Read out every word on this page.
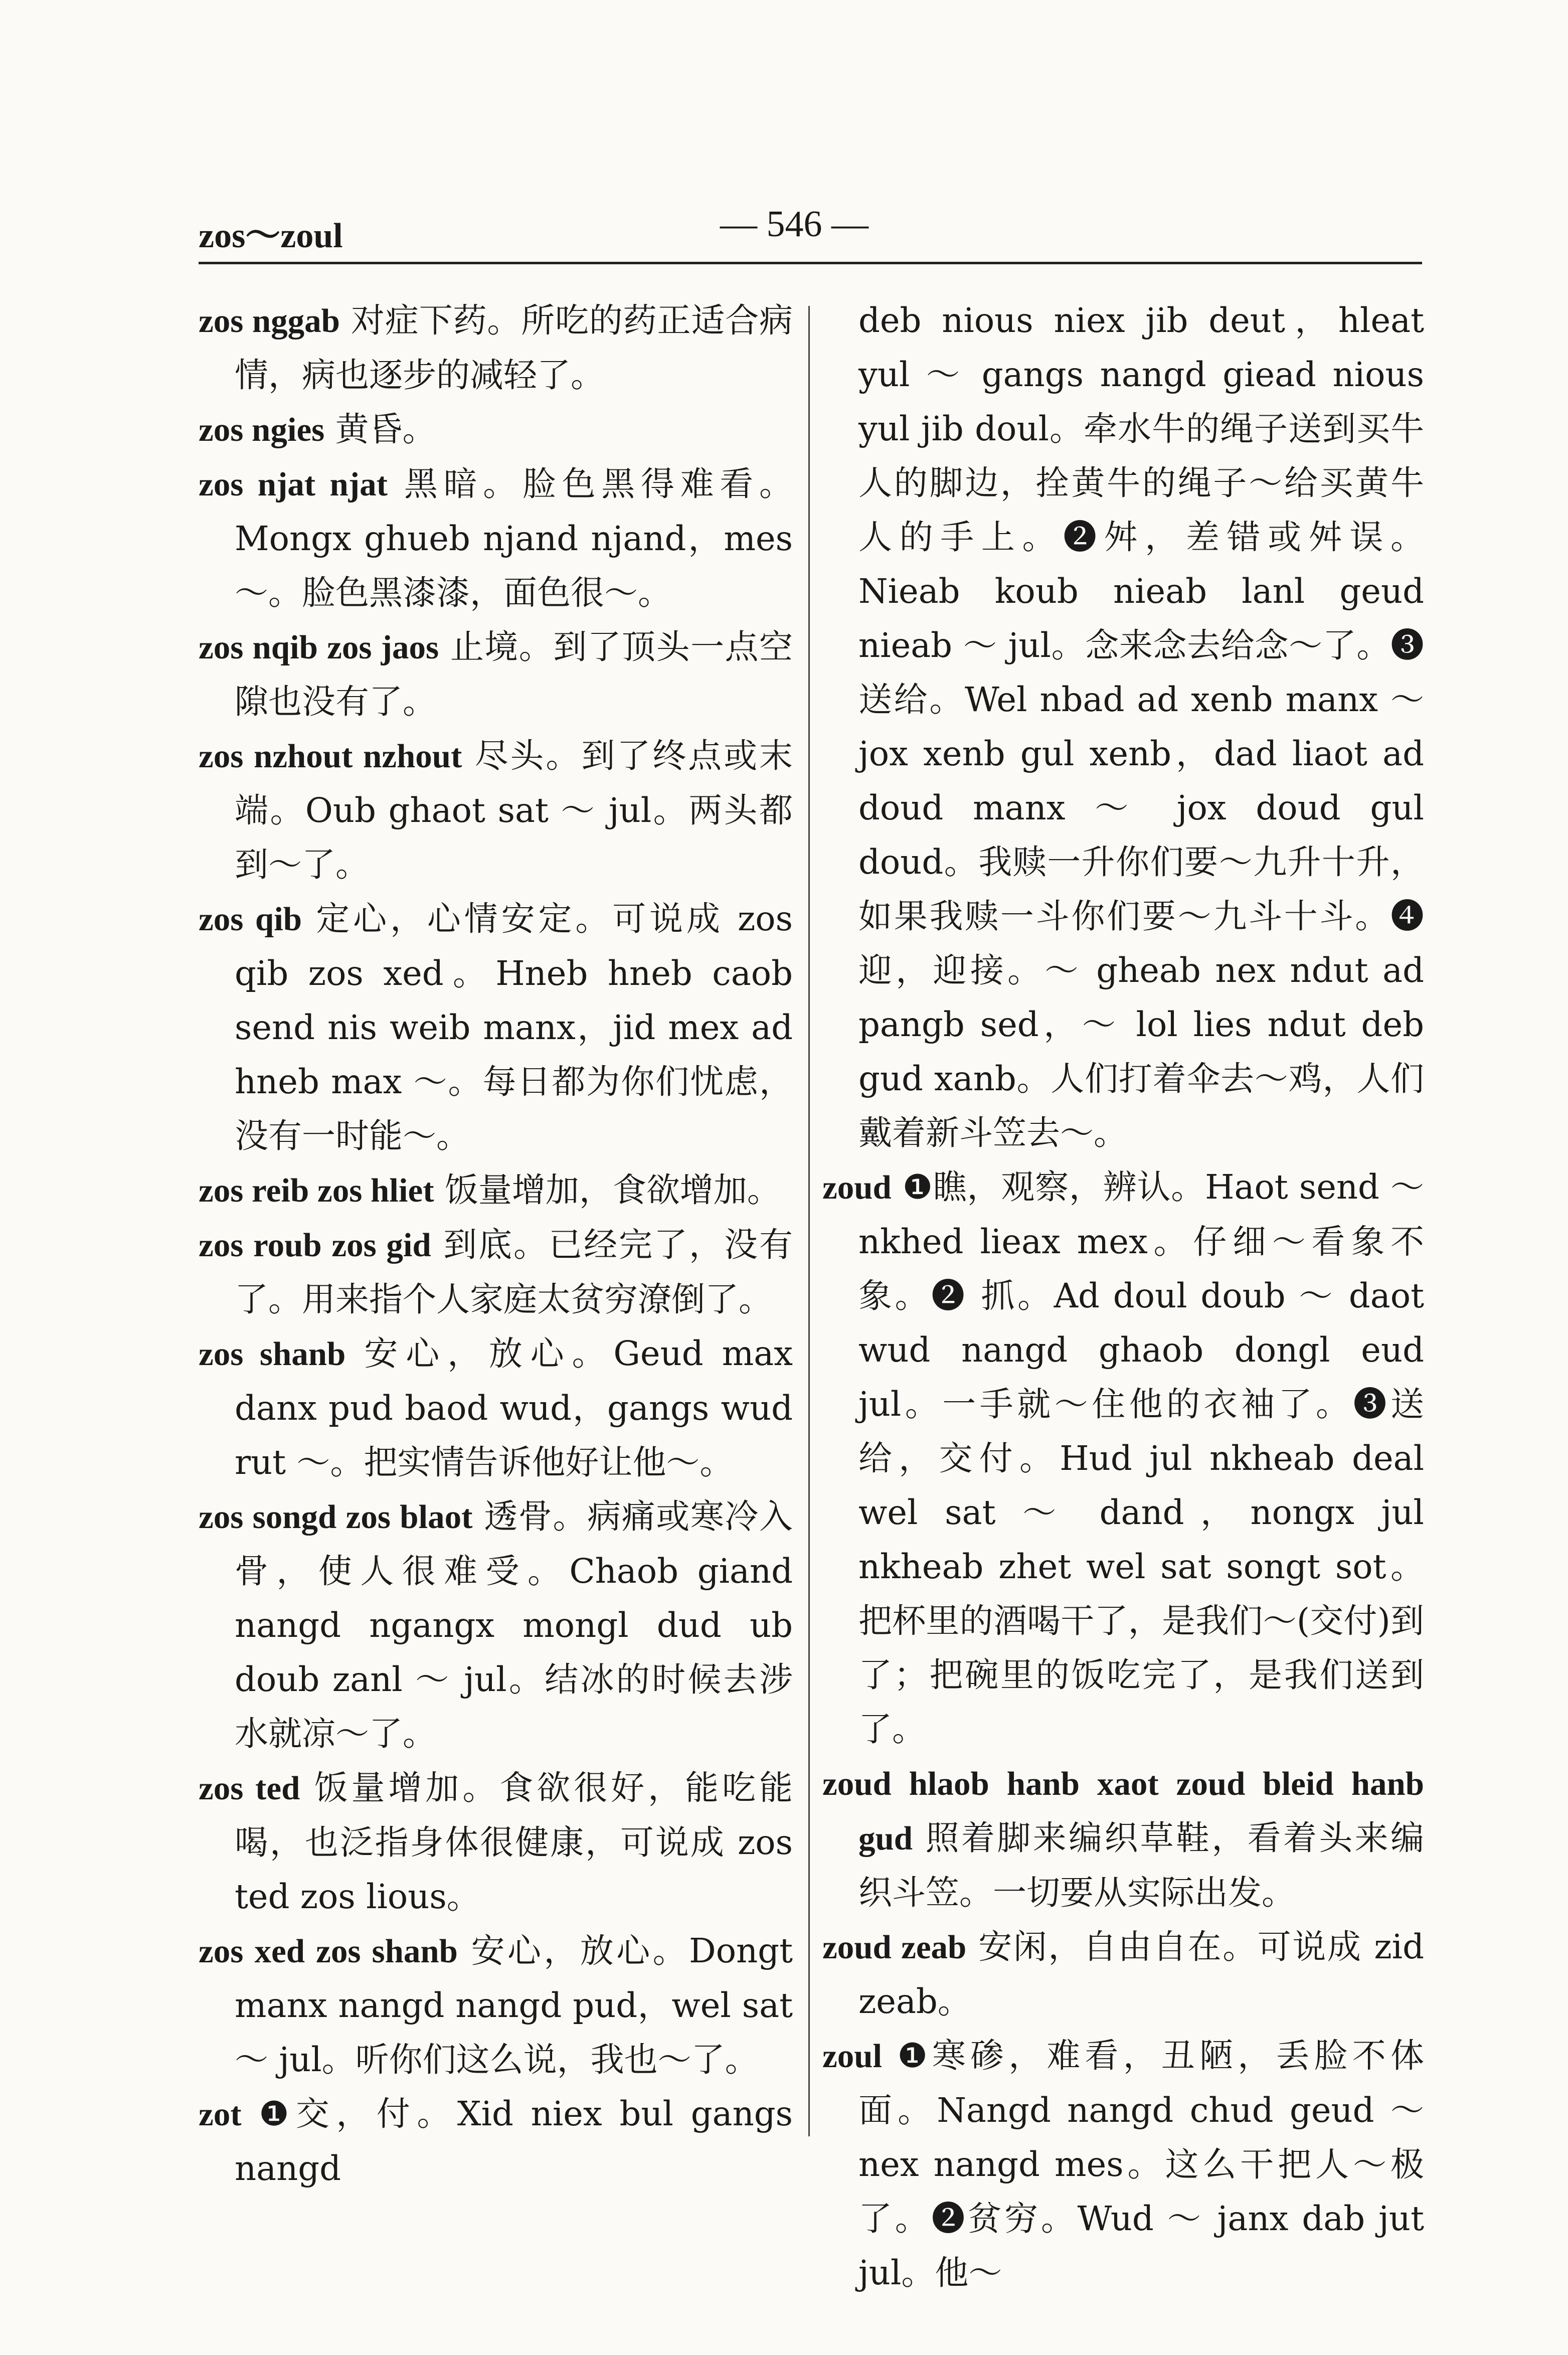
zos～zoul	— 546 —

zos nggab 对症下药。所吃的药正适合病情，病也逐步的减轻了。

zos ngies 黄昏。

zos njat njat 黑暗。脸色黑得难看。Mongx ghueb njand njand，mes ～。脸色黑漆漆，面色很～。

zos nqib zos jaos 止境。到了顶头一点空隙也没有了。

zos nzhout nzhout 尽头。到了终点或末端。Oub ghaot sat ～ jul。两头都到～了。

zos qib 定心，心情安定。可说成 zos qib zos xed。Hneb hneb caob send nis weib manx，jid mex ad hneb max ～。每日都为你们忧虑，没有一时能～。

zos reib zos hliet 饭量增加，食欲增加。

zos roub zos gid 到底。已经完了，没有了。用来指个人家庭太贫穷潦倒了。

zos shanb 安心，放心。Geud max danx pud baod wud，gangs wud rut ～。把实情告诉他好让他～。

zos songd zos blaot 透骨。病痛或寒冷入骨，使人很难受。Chaob giand nangd ngangx mongl dud ub doub zanl ～ jul。结冰的时候去涉水就凉～了。

zos ted 饭量增加。食欲很好，能吃能喝，也泛指身体很健康，可说成 zos ted zos lious。

zos xed zos shanb 安心，放心。Dongt manx nangd nangd pud，wel sat ～ jul。听你们这么说，我也～了。

zot ❶交，付。Xid niex bul gangs nangd

deb nious niex jib deut，hleat yul ～ gangs nangd giead nious yul jib doul。牵水牛的绳子送到买牛人的脚边，拴黄牛的绳子～给买黄牛人的手上。❷舛，差错或舛误。Nieab koub nieab lanl geud nieab ～ jul。念来念去给念～了。❸送给。Wel nbad ad xenb manx ～ jox xenb gul xenb，dad liaot ad doud manx ～ jox doud gul doud。我赎一升你们要～九升十升，如果我赎一斗你们要～九斗十斗。❹迎，迎接。～ gheab nex ndut ad pangb sed，～ lol lies ndut deb gud xanb。人们打着伞去～鸡，人们戴着新斗笠去～。

zoud ❶瞧，观察，辨认。Haot send ～ nkhed lieax mex。仔细～看象不象。❷ 抓。Ad doul doub ～ daot wud nangd ghaob dongl eud jul。一手就～住他的衣袖了。❸送给，交付。Hud jul nkheab deal wel sat ～ dand，nongx jul nkheab zhet wel sat songt sot。把杯里的酒喝干了，是我们～(交付)到了；把碗里的饭吃完了，是我们送到了。

zoud hlaob hanb xaot zoud bleid hanb gud 照着脚来编织草鞋，看着头来编织斗笠。一切要从实际出发。

zoud zeab 安闲，自由自在。可说成 zid zeab。

zoul ❶寒碜，难看，丑陋，丢脸不体面。Nangd nangd chud geud ～ nex nangd mes。这么干把人～极了。❷贫穷。Wud ～ janx dab jut jul。他～
